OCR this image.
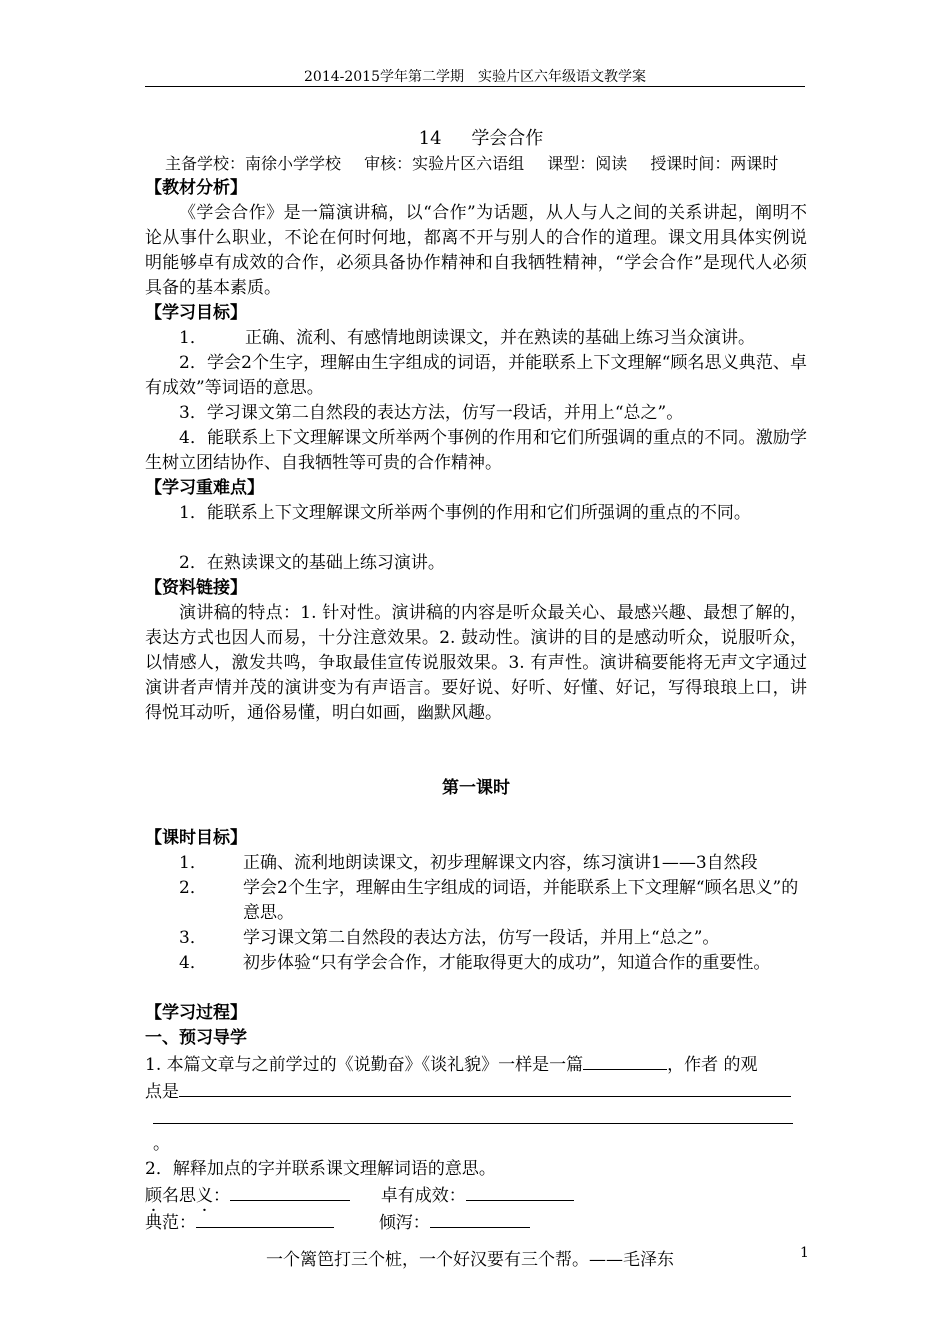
2014-2015学年第二学期　实验片区六年级语文教学案
14 学会合作
主备学校：南徐小学学校 审核：实验片区六语组 课型：阅读 授课时间：两课时
【教材分析】
《学会合作》是一篇演讲稿，以“合作”为话题，从人与人之间的关系讲起，阐明不论从事什么职业，不论在何时何地，都离不开与别人的合作的道理。课文用具体实例说明能够卓有成效的合作，必须具备协作精神和自我牺牲精神，“学会合作”是现代人必须具备的基本素质。
【学习目标】
1． 正确、流利、有感情地朗读课文，并在熟读的基础上练习当众演讲。
2．学会2个生字，理解由生字组成的词语，并能联系上下文理解“顾名思义典范、卓有成效”等词语的意思。
3．学习课文第二自然段的表达方法，仿写一段话，并用上“总之”。
4．能联系上下文理解课文所举两个事例的作用和它们所强调的重点的不同。激励学生树立团结协作、自我牺牲等可贵的合作精神。
【学习重难点】
1．能联系上下文理解课文所举两个事例的作用和它们所强调的重点的不同。
2．在熟读课文的基础上练习演讲。
【资料链接】
演讲稿的特点：1. 针对性。演讲稿的内容是听众最关心、最感兴趣、最想了解的，表达方式也因人而易，十分注意效果。2. 鼓动性。演讲的目的是感动听众，说服听众，以情感人，激发共鸣，争取最佳宣传说服效果。3. 有声性。演讲稿要能将无声文字通过演讲者声情并茂的演讲变为有声语言。要好说、好听、好懂、好记，写得琅琅上口，讲得悦耳动听，通俗易懂，明白如画，幽默风趣。
第一课时
【课时目标】
1．	正确、流利地朗读课文，初步理解课文内容，练习演讲1——3自然段
2．	学会2个生字，理解由生字组成的词语，并能联系上下文理解“顾名思义”的意思。
3．	学习课文第二自然段的表达方法，仿写一段话，并用上“总之”。
4．	初步体验“只有学会合作，才能取得更大的成功”，知道合作的重要性。
【学习过程】
一、预习导学
1. 本篇文章与之前学过的《说勤奋》《谈礼貌》一样是一篇	，作者 的观
点是
。
2．解释加点的字并联系课文理解词语的意思。
顾名思义：	卓有成效：
典范：	倾泻：
一个篱笆打三个桩，一个好汉要有三个帮。——毛泽东	1
